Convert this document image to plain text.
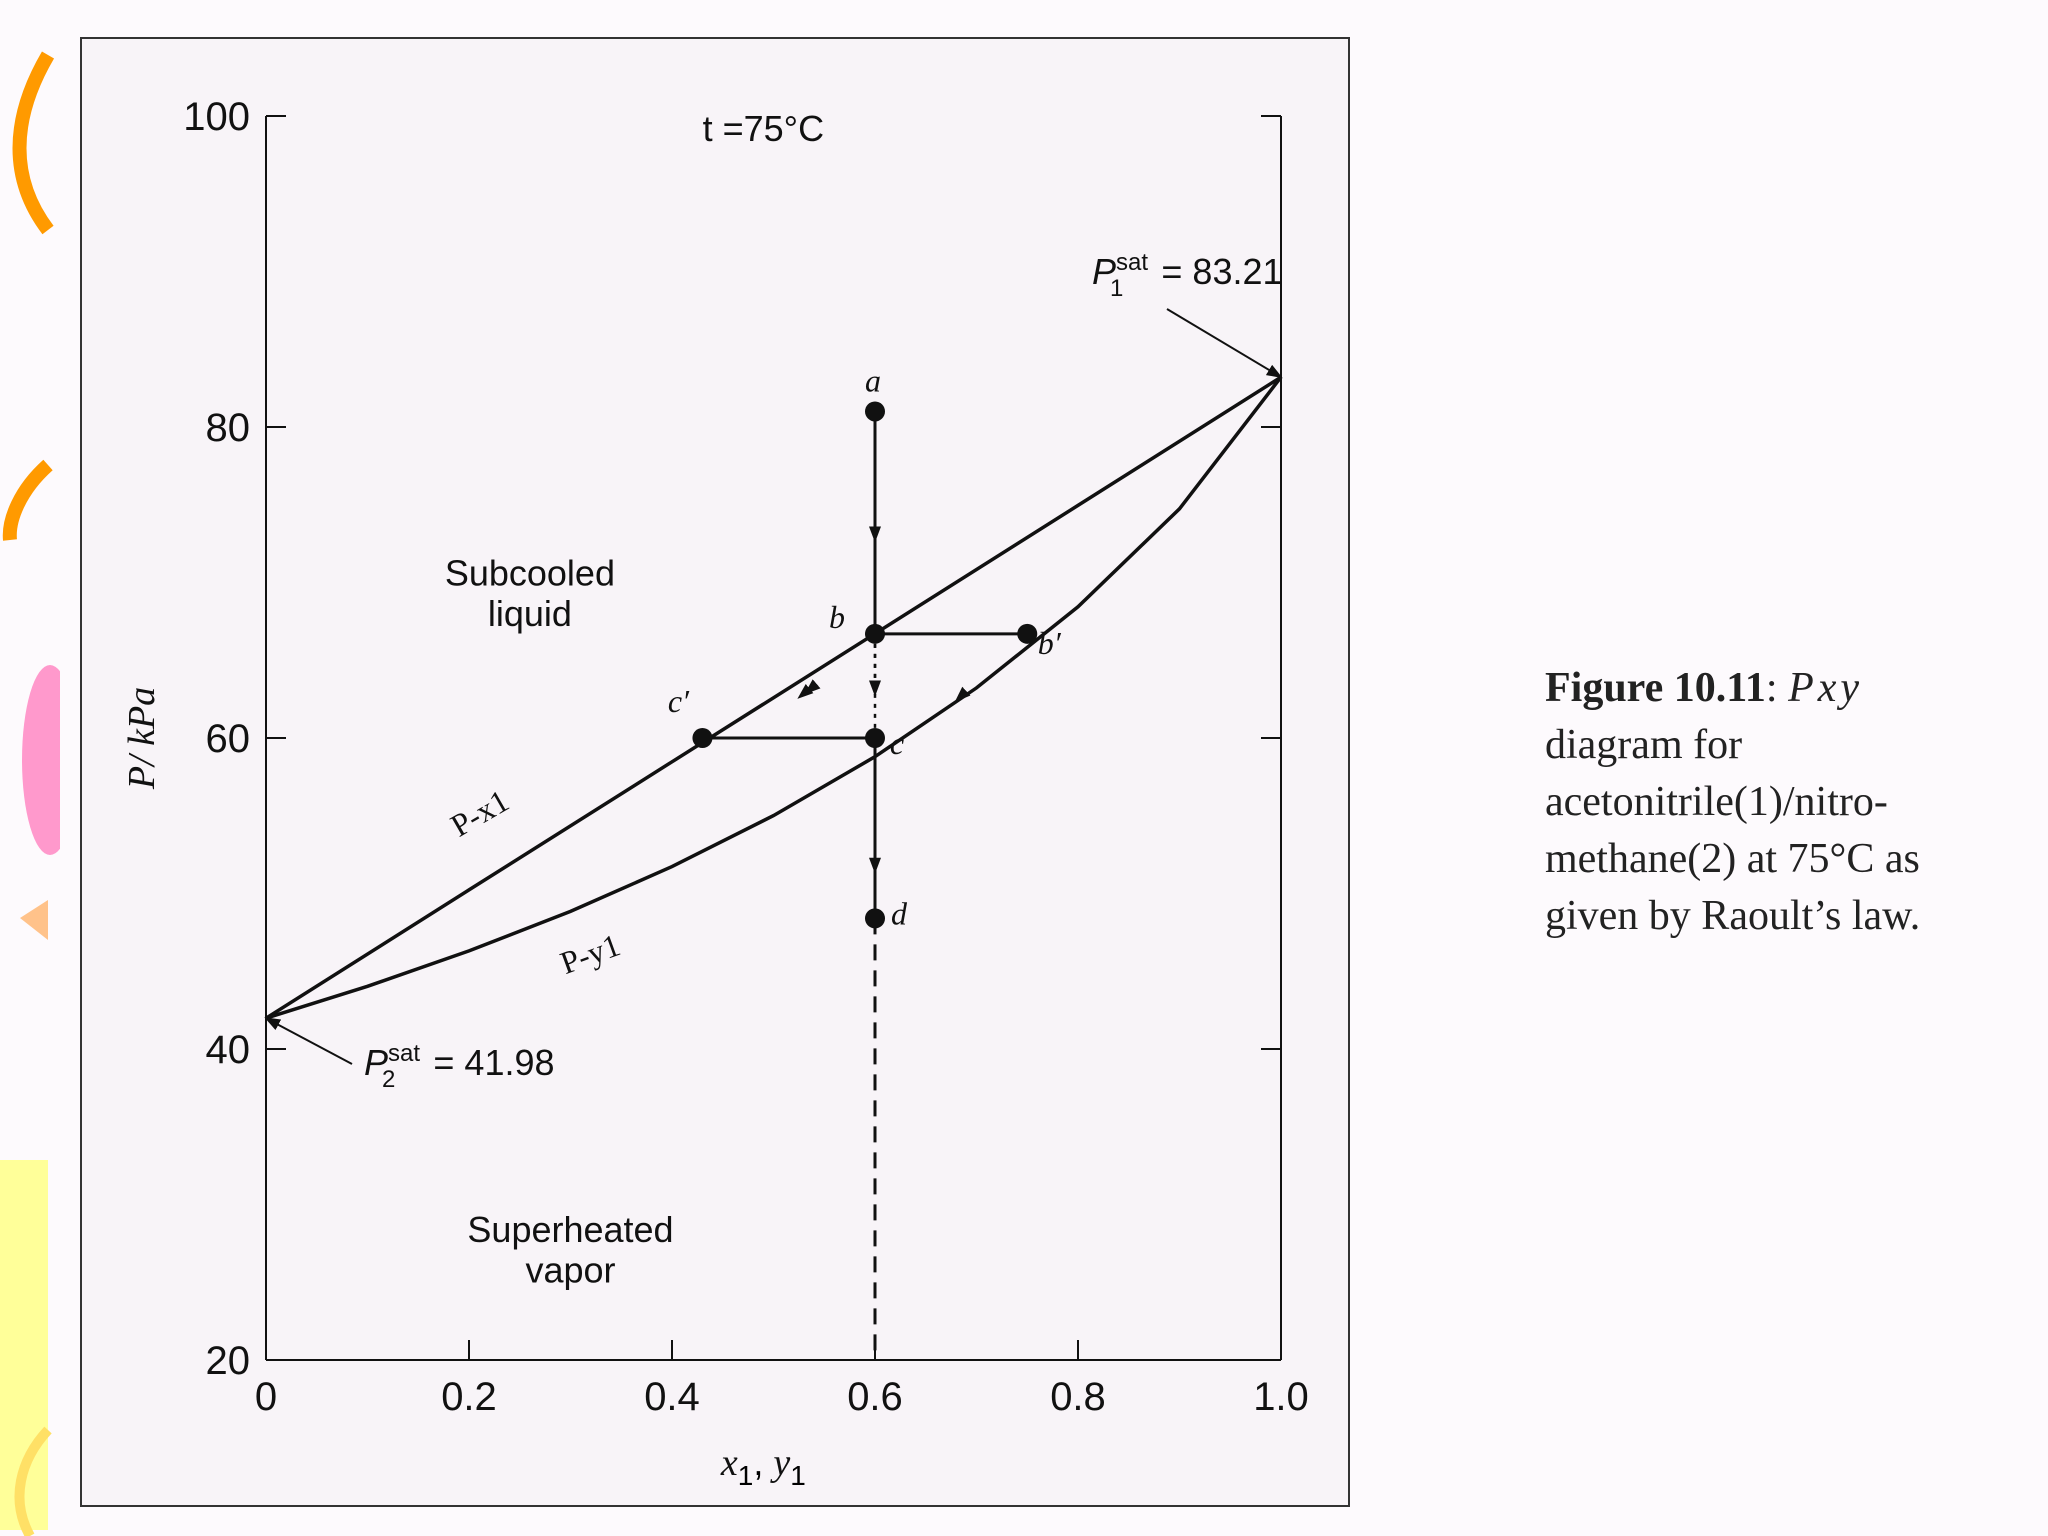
20
40
60
80
100
0	0.2	0.4	0.6	0.8	1.0
t =75°C
P/ kPa
x1, y1
P-x1
P-y1
a
b
b′
c′
c
d
Subcooled
liquid
Superheated
vapor
$P^{sat}$ 1 = 83.21
$P^{sat}$ 2 = 41.98
Figure 10.11: Pxy
diagram for
acetonitrile(1)/nitro-
methane(2) at 75°C as
given by Raoult’s law.
